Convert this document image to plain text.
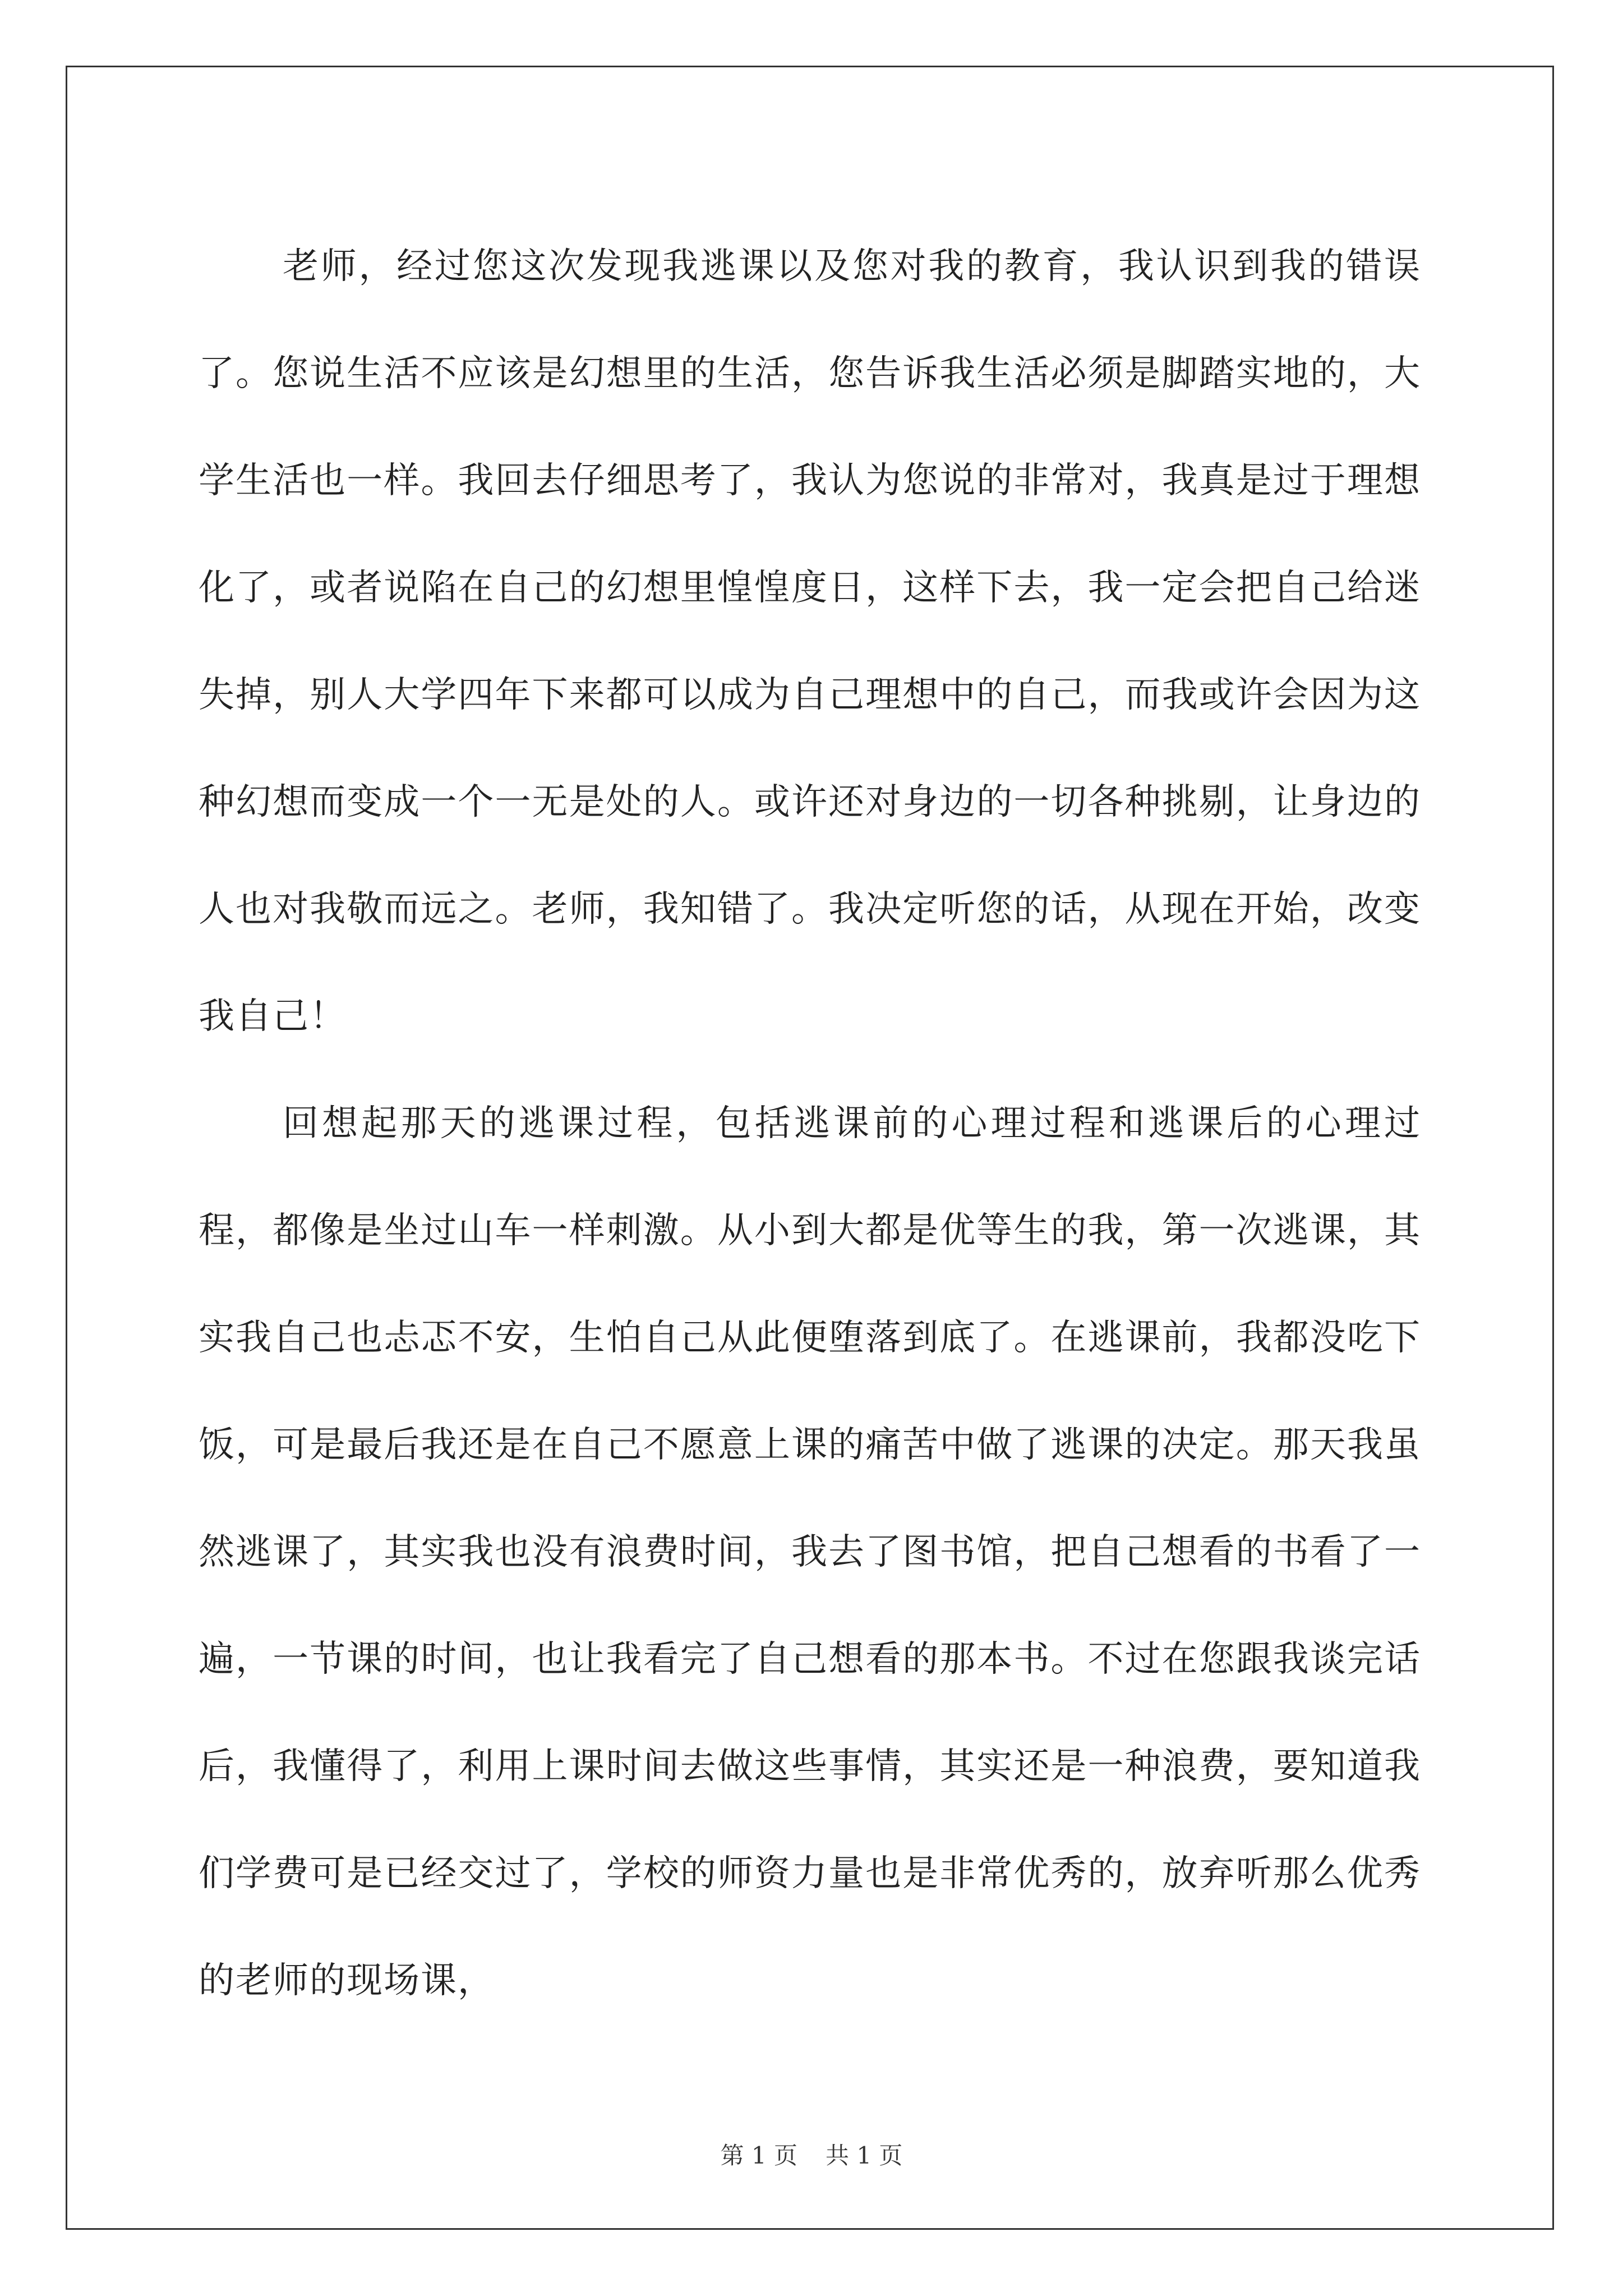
老师，经过您这次发现我逃课以及您对我的教育，我认识到我的错误了。您说生活不应该是幻想里的生活，您告诉我生活必须是脚踏实地的，大学生活也一样。我回去仔细思考了，我认为您说的非常对，我真是过于理想化了，或者说陷在自己的幻想里惶惶度日，这样下去，我一定会把自己给迷失掉，别人大学四年下来都可以成为自己理想中的自己，而我或许会因为这种幻想而变成一个一无是处的人。或许还对身边的一切各种挑剔，让身边的人也对我敬而远之。老师，我知错了。我决定听您的话，从现在开始，改变我自己！

回想起那天的逃课过程，包括逃课前的心理过程和逃课后的心理过程，都像是坐过山车一样刺激。从小到大都是优等生的我，第一次逃课，其实我自己也忐忑不安，生怕自己从此便堕落到底了。在逃课前，我都没吃下饭，可是最后我还是在自己不愿意上课的痛苦中做了逃课的决定。那天我虽然逃课了，其实我也没有浪费时间，我去了图书馆，把自己想看的书看了一遍，一节课的时间，也让我看完了自己想看的那本书。不过在您跟我谈完话后，我懂得了，利用上课时间去做这些事情，其实还是一种浪费，要知道我们学费可是已经交过了，学校的师资力量也是非常优秀的，放弃听那么优秀的老师的现场课，

第 1 页 共 1 页
